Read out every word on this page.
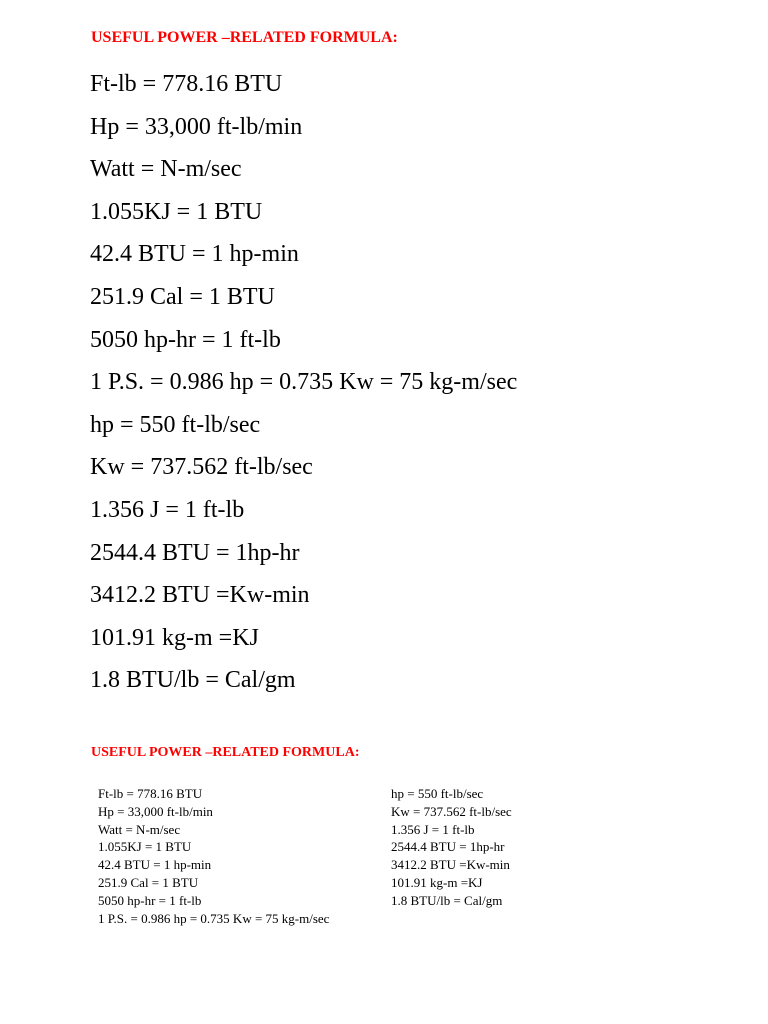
USEFUL POWER –RELATED FORMULA:
Ft-lb = 778.16 BTU
Hp = 33,000 ft-lb/min
Watt = N-m/sec
1.055KJ = 1 BTU
42.4 BTU = 1 hp-min
251.9 Cal = 1 BTU
5050 hp-hr = 1 ft-lb
1 P.S. = 0.986 hp = 0.735 Kw = 75 kg-m/sec
hp = 550 ft-lb/sec
Kw = 737.562 ft-lb/sec
1.356 J = 1 ft-lb
2544.4 BTU = 1hp-hr
3412.2 BTU =Kw-min
101.91 kg-m =KJ
1.8 BTU/lb = Cal/gm
USEFUL POWER –RELATED FORMULA:
Ft-lb = 778.16 BTU
Hp = 33,000 ft-lb/min
Watt = N-m/sec
1.055KJ = 1 BTU
42.4 BTU = 1 hp-min
251.9 Cal = 1 BTU
5050 hp-hr = 1 ft-lb
1 P.S. = 0.986 hp = 0.735 Kw = 75 kg-m/sec
hp = 550 ft-lb/sec
Kw = 737.562 ft-lb/sec
1.356 J = 1 ft-lb
2544.4 BTU = 1hp-hr
3412.2 BTU =Kw-min
101.91 kg-m =KJ
1.8 BTU/lb = Cal/gm
